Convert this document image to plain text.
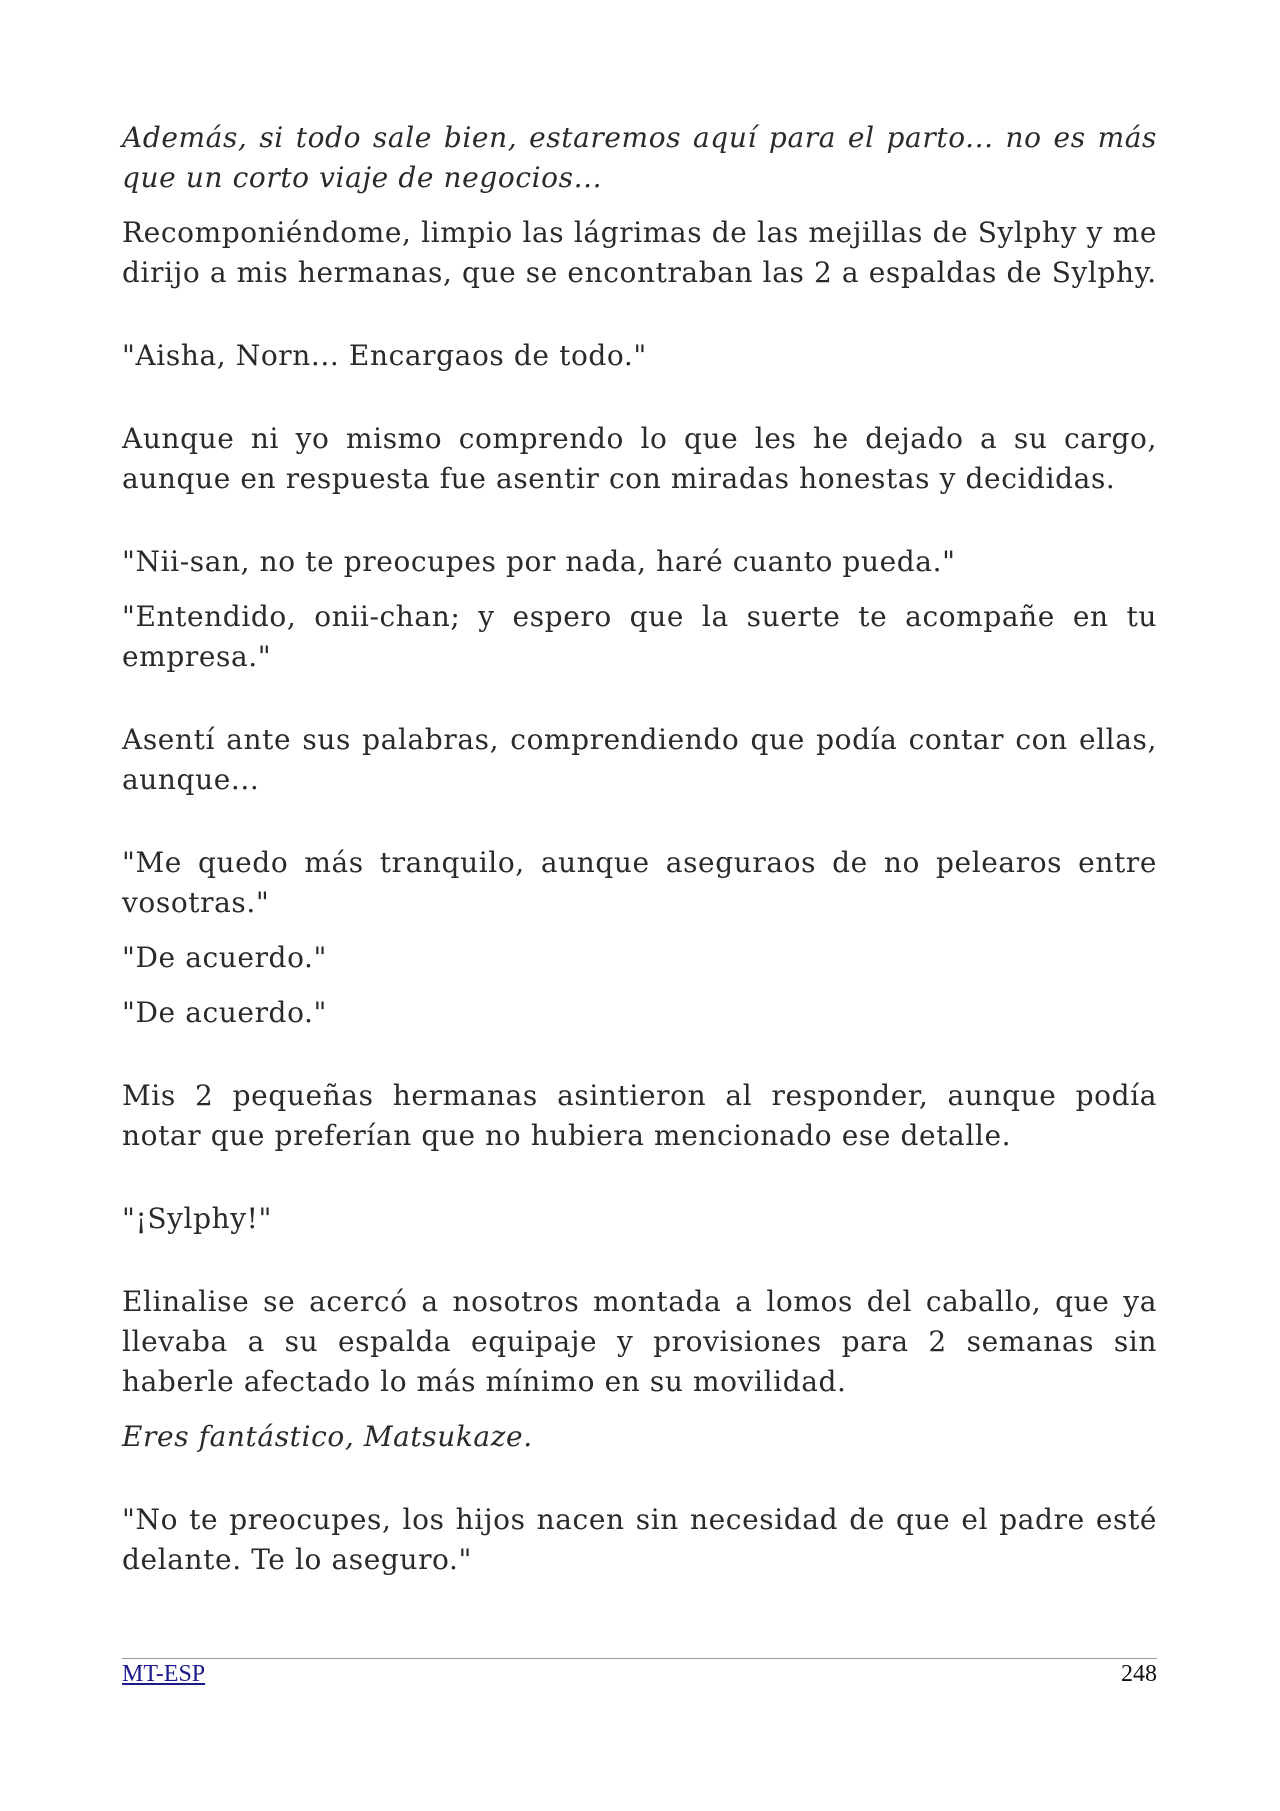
Además, si todo sale bien, estaremos aquí para el parto... no es más que un corto viaje de negocios...

Recomponiéndome, limpio las lágrimas de las mejillas de Sylphy y me dirijo a mis hermanas, que se encontraban las 2 a espaldas de Sylphy.

"Aisha, Norn... Encargaos de todo."

Aunque ni yo mismo comprendo lo que les he dejado a su cargo, aunque en respuesta fue asentir con miradas honestas y decididas.

"Nii-san, no te preocupes por nada, haré cuanto pueda."

"Entendido, onii-chan; y espero que la suerte te acompañe en tu empresa."

Asentí ante sus palabras, comprendiendo que podía contar con ellas, aunque...

"Me quedo más tranquilo, aunque aseguraos de no pelearos entre vosotras."

"De acuerdo."

"De acuerdo."

Mis 2 pequeñas hermanas asintieron al responder, aunque podía notar que preferían que no hubiera mencionado ese detalle.

"¡Sylphy!"

Elinalise se acercó a nosotros montada a lomos del caballo, que ya llevaba a su espalda equipaje y provisiones para 2 semanas sin haberle afectado lo más mínimo en su movilidad.

Eres fantástico, Matsukaze.

"No te preocupes, los hijos nacen sin necesidad de que el padre esté delante. Te lo aseguro."

MT-ESP	248
